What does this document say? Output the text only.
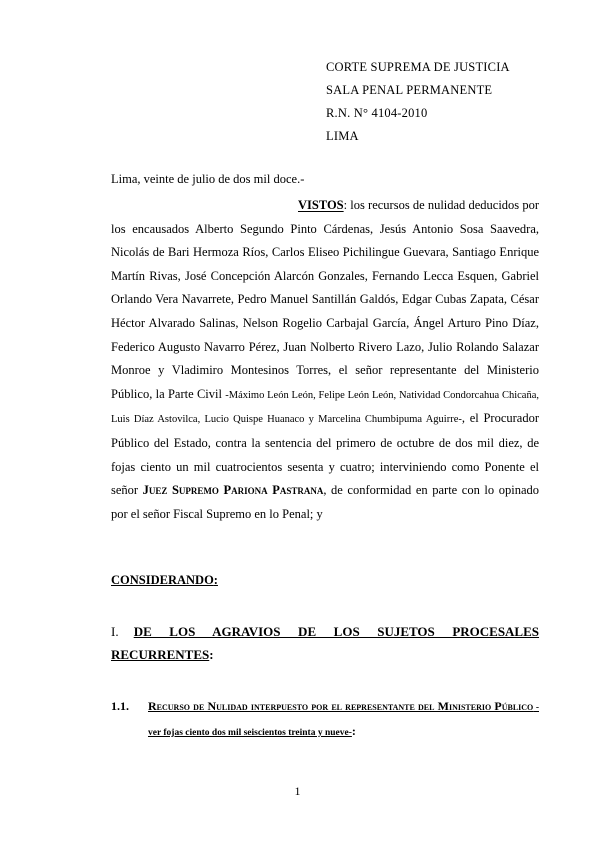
CORTE SUPREMA DE JUSTICIA
SALA PENAL PERMANENTE
R.N. N° 4104-2010
LIMA
Lima, veinte de julio de dos mil doce.-
VISTOS: los recursos de nulidad deducidos por los encausados Alberto Segundo Pinto Cárdenas, Jesús Antonio Sosa Saavedra, Nicolás de Bari Hermoza Ríos, Carlos Eliseo Pichilingue Guevara, Santiago Enrique Martín Rivas, José Concepción Alarcón Gonzales, Fernando Lecca Esquen, Gabriel Orlando Vera Navarrete, Pedro Manuel Santillán Galdós, Edgar Cubas Zapata, César Héctor Alvarado Salinas, Nelson Rogelio Carbajal García, Ángel Arturo Pino Díaz, Federico Augusto Navarro Pérez, Juan Nolberto Rivero Lazo, Julio Rolando Salazar Monroe y Vladimiro Montesinos Torres, el señor representante del Ministerio Público, la Parte Civil -Máximo León León, Felipe León León, Natividad Condorcahua Chicaña, Luis Díaz Astovilca, Lucio Quispe Huanaco y Marcelina Chumbipuma Aguirre-, el Procurador Público del Estado, contra la sentencia del primero de octubre de dos mil diez, de fojas ciento un mil cuatrocientos sesenta y cuatro; interviniendo como Ponente el señor Juez Supremo Pariona Pastrana, de conformidad en parte con lo opinado por el señor Fiscal Supremo en lo Penal; y
CONSIDERANDO:
I. DE LOS AGRAVIOS DE LOS SUJETOS PROCESALES RECURRENTES:
1.1. Recurso de Nulidad interpuesto por el representante del Ministerio Público -ver fojas ciento dos mil seiscientos treinta y nueve-:
1
